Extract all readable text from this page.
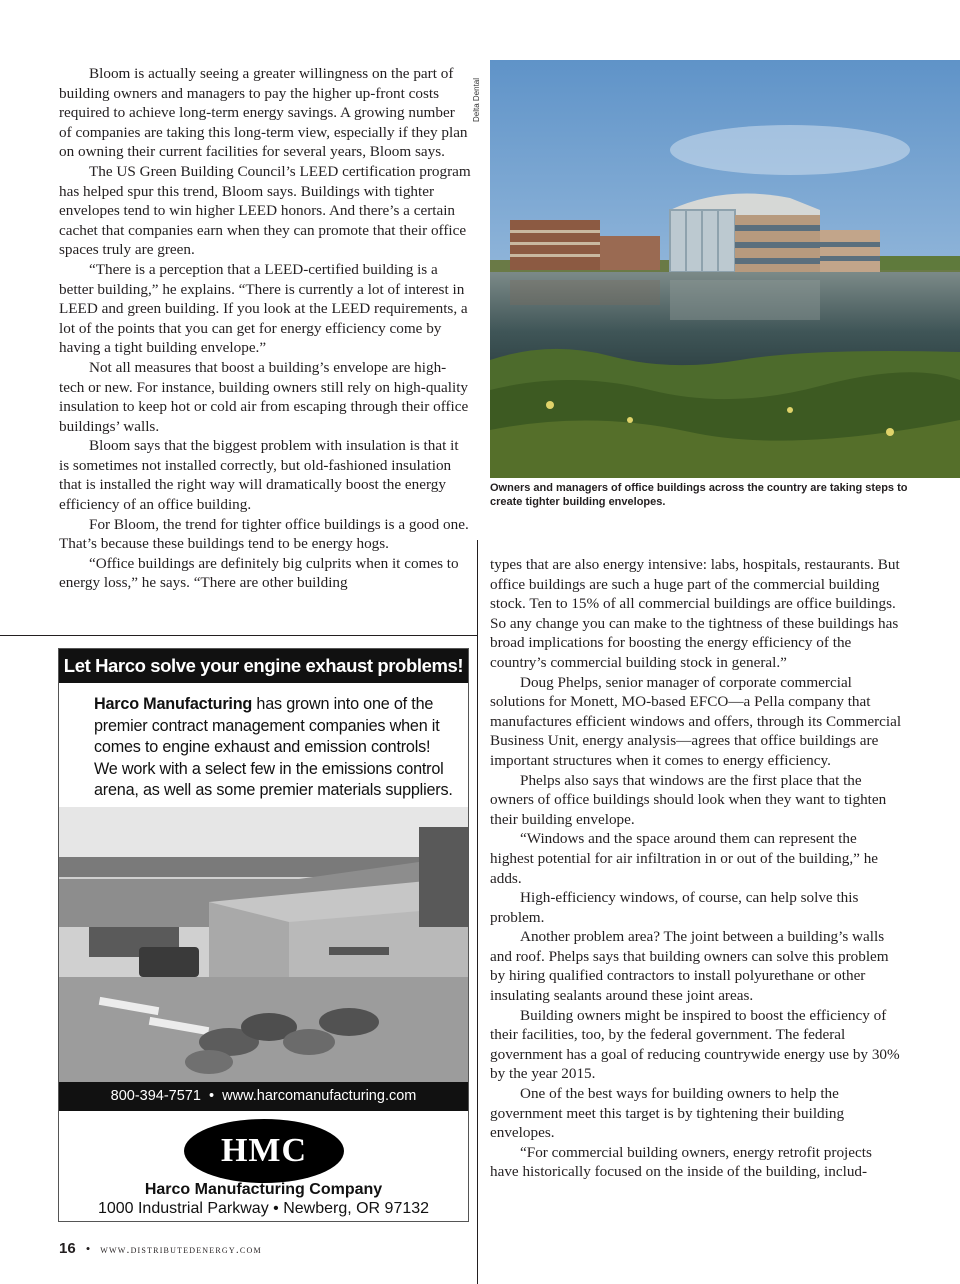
Bloom is actually seeing a greater willingness on the part of building owners and managers to pay the higher up-front costs required to achieve long-term energy savings. A growing number of companies are taking this long-term view, especially if they plan on owning their current facilities for several years, Bloom says.

The US Green Building Council’s LEED certification program has helped spur this trend, Bloom says. Buildings with tighter envelopes tend to win higher LEED honors. And there’s a certain cachet that companies earn when they can promote that their office spaces truly are green.

“There is a perception that a LEED-certified building is a better building,” he explains. “There is currently a lot of interest in LEED and green building. If you look at the LEED requirements, a lot of the points that you can get for energy efficiency come by having a tight building envelope.”

Not all measures that boost a building’s envelope are high-tech or new. For instance, building owners still rely on high-quality insulation to keep hot or cold air from escaping through their office buildings’ walls.

Bloom says that the biggest problem with insulation is that it is sometimes not installed correctly, but old-fashioned insulation that is installed the right way will dramatically boost the energy efficiency of an office building.

For Bloom, the trend for tighter office buildings is a good one. That’s because these buildings tend to be energy hogs.

“Office buildings are definitely big culprits when it comes to energy loss,” he says. “There are other building

Delta Dental
Owners and managers of office buildings across the country are taking steps to create tighter building envelopes.

types that are also energy intensive: labs, hospitals, restaurants. But office buildings are such a huge part of the commercial building stock. Ten to 15% of all commercial buildings are office buildings. So any change you can make to the tightness of these buildings has broad implications for boosting the energy efficiency of the country’s commercial building stock in general.”

Doug Phelps, senior manager of corporate commercial solutions for Monett, MO-based EFCO—a Pella company that manufactures efficient windows and offers, through its Commercial Business Unit, energy analysis—agrees that office buildings are important structures when it comes to energy efficiency.

Phelps also says that windows are the first place that the owners of office buildings should look when they want to tighten their building envelope.

“Windows and the space around them can represent the highest potential for air infiltration in or out of the building,” he adds.

High-efficiency windows, of course, can help solve this problem.

Another problem area? The joint between a building’s walls and roof. Phelps says that building owners can solve this problem by hiring qualified contractors to install polyurethane or other insulating sealants around these joint areas.

Building owners might be inspired to boost the efficiency of their facilities, too, by the federal government. The federal government has a goal of reducing countrywide energy use by 30% by the year 2015.

One of the best ways for building owners to help the government meet this target is by tightening their building envelopes.

“For commercial building owners, energy retrofit projects have historically focused on the inside of the building, includ-

Let Harco solve your engine exhaust problems!
Harco Manufacturing has grown into one of the premier contract management companies when it comes to engine exhaust and emission controls! We work with a select few in the emissions control arena, as well as some premier materials suppliers.
800-394-7571  •  www.harcomanufacturing.com
HMC
Harco Manufacturing Company
1000 Industrial Parkway • Newberg, OR 97132
16 • www.distributedenergy.com
